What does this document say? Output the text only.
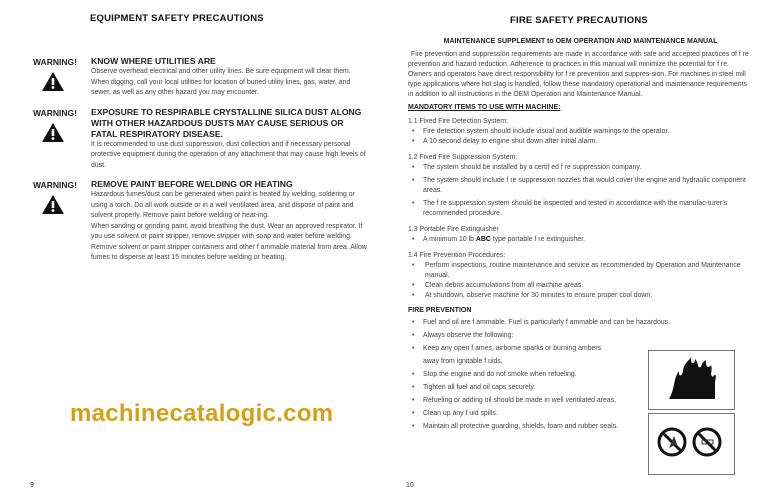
EQUIPMENT SAFETY PRECAUTIONS
WARNING! KNOW WHERE UTILITIES ARE
Observe overhead electrical and other utility lines. Be sure equipment will clear them. When digging, call your local utilities for location of buried utility lines, gas, water, and sewer, as well as any other hazard you may encounter.
WARNING! EXPOSURE TO RESPIRABLE CRYSTALLINE SILICA DUST ALONG WITH OTHER HAZARDOUS DUSTS MAY CAUSE SERIOUS OR FATAL RESPIRATORY DISEASE.
It is recommended to use dust suppression, dust collection and if necessary personal protective equipment during the operation of any attachment that may cause high levels of dust.
WARNING! REMOVE PAINT BEFORE WELDING OR HEATING
Hazardous fumes/dust can be generated when paint is heated by welding, soldering or using a torch. Do all work outside or in a well ventilated area, and dispose of paint and solvent properly. Remove paint before welding or heat-ing.
When sanding or grinding paint, avoid breathing the dust. Wear an approved respirator. If you use solvent or paint stripper, remove stripper with soap and water before welding. Remove solvent or paint stripper containers and other f ammable material from area. Allow fumes to disperse at least 15 minutes before welding or heating.
machinecatalogic.com
9
FIRE SAFETY PRECAUTIONS
MAINTENANCE SUPPLEMENT to OEM OPERATION AND MAINTENANCE MANUAL
Fire prevention and suppression requirements are made in accordance with safe and accepted practices of f re prevention and hazard reduction. Adherence to practices in this manual will minimize the potential for f re. Owners and operators have direct responsibility for f re prevention and suppres-sion. For machines in steel mill type applications where hot slag is handled, follow these mandatory operational and maintenance requirements in addition to all instructions in the OEM Operation and Maintenance Manual.
MANDATORY ITEMS TO USE WITH MACHINE:
1.1 Fixed Fire Detection System:
• Fire detection system should include visual and audible warnings to the operator.
• A 10 second delay to engine shut down after initial alarm.
1.2 Fixed Fire Suppression System:
• The system should be installed by a certif ed f re suppression company.
• The system should include f re suppression nozzles that would cover the engine and hydraulic component areas.
• The f re suppression system should be inspected and tested in accordance with the manufac-turer’s recommended procedure.
1.3 Portable Fire Extinguisher
• A minimum 10 lb ABC type portable f re extinguisher.
1.4 Fire Prevention Procedures:
• Perform inspections, routine maintenance and service as recommended by Operation and Maintenance manual.
• Clean debris accumulations from all machine areas.
• At shutdown, observe machine for 30 minutes to ensure proper cool down.
FIRE PREVENTION
• Fuel and oil are f ammable. Fuel is particularly f ammable and can be hazardous.
• Always observe the following:
• Keep any open f ames, airborne sparks or burning ambers
away from ignitable f uids.
• Stop the engine and do not smoke when refueling.
• Tighten all fuel and oil caps securely.
• Refueling or adding oil should be made in well ventilated areas.
• Clean up any f uid spills.
• Maintain all protective guarding, shields, foam and rubber seals.
10
